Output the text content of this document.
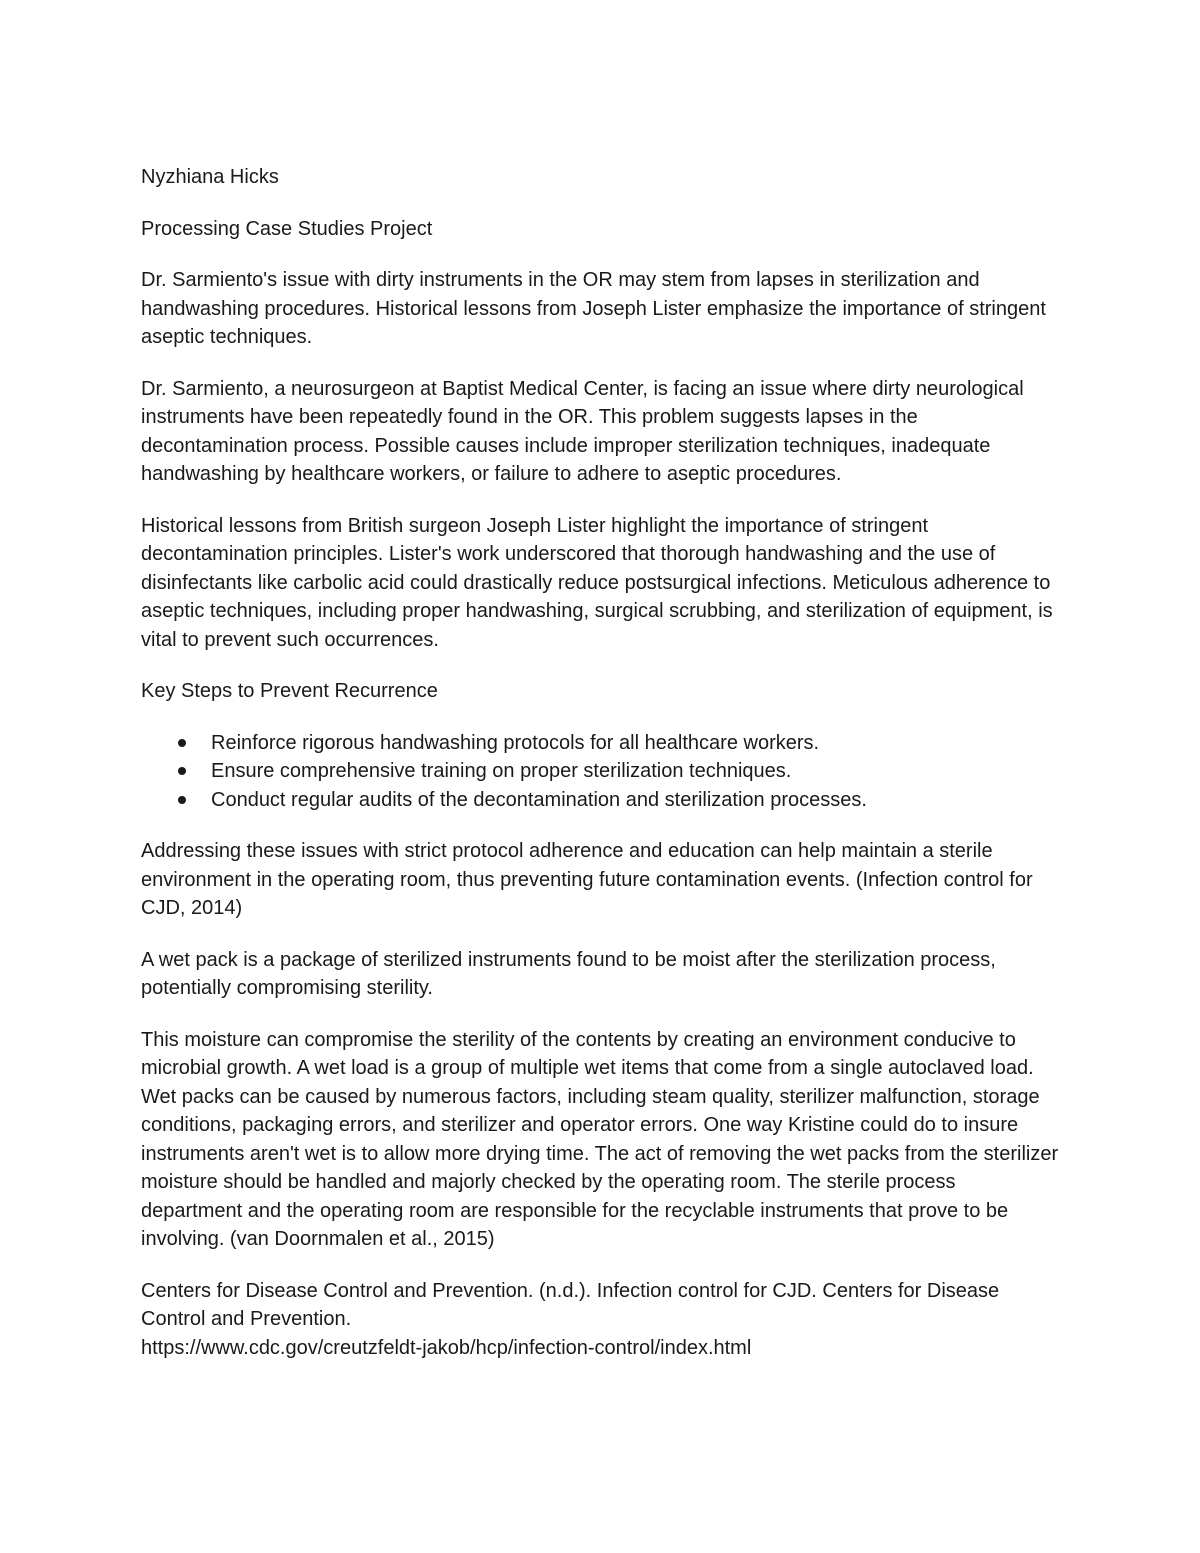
Nyzhiana Hicks

Processing Case Studies Project

Dr. Sarmiento's issue with dirty instruments in the OR may stem from lapses in sterilization and handwashing procedures. Historical lessons from Joseph Lister emphasize the importance of stringent aseptic techniques.

Dr. Sarmiento, a neurosurgeon at Baptist Medical Center, is facing an issue where dirty neurological instruments have been repeatedly found in the OR. This problem suggests lapses in the decontamination process. Possible causes include improper sterilization techniques, inadequate handwashing by healthcare workers, or failure to adhere to aseptic procedures.

Historical lessons from British surgeon Joseph Lister highlight the importance of stringent decontamination principles. Lister's work underscored that thorough handwashing and the use of disinfectants like carbolic acid could drastically reduce postsurgical infections. Meticulous adherence to aseptic techniques, including proper handwashing, surgical scrubbing, and sterilization of equipment, is vital to prevent such occurrences.

Key Steps to Prevent Recurrence

Reinforce rigorous handwashing protocols for all healthcare workers.
Ensure comprehensive training on proper sterilization techniques.
Conduct regular audits of the decontamination and sterilization processes.

Addressing these issues with strict protocol adherence and education can help maintain a sterile environment in the operating room, thus preventing future contamination events. (Infection control for CJD, 2014)

A wet pack is a package of sterilized instruments found to be moist after the sterilization process, potentially compromising sterility.

This moisture can compromise the sterility of the contents by creating an environment conducive to microbial growth. A wet load is a group of multiple wet items that come from a single autoclaved load. Wet packs can be caused by numerous factors, including steam quality, sterilizer malfunction, storage conditions, packaging errors, and sterilizer and operator errors. One way Kristine could do to insure instruments aren't wet is to allow more drying time. The act of removing the wet packs from the sterilizer moisture should be handled and majorly checked by the operating room. The sterile process department and the operating room are responsible for the recyclable instruments that prove to be involving. (van Doornmalen et al., 2015)

Centers for Disease Control and Prevention. (n.d.). Infection control for CJD. Centers for Disease Control and Prevention.
https://www.cdc.gov/creutzfeldt-jakob/hcp/infection-control/index.html
